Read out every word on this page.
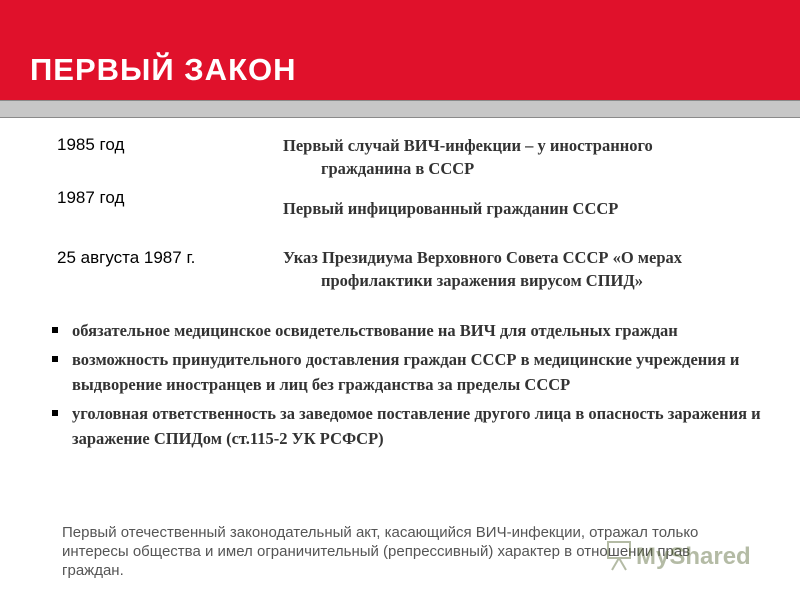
ПЕРВЫЙ ЗАКОН
1985 год	Первый случай ВИЧ-инфекции – у иностранного
гражданина в СССР
1987 год
Первый инфицированный гражданин СССР
25 августа 1987 г.	Указ Президиума Верховного Совета СССР «О мерах
профилактики заражения вирусом СПИД»
обязательное медицинское освидетельствование на ВИЧ для отдельных граждан
возможность принудительного доставления граждан СССР в медицинские учреждения и выдворение иностранцев и лиц без гражданства за пределы СССР
уголовная ответственность за заведомое поставление другого лица в опасность заражения и заражение СПИДом (ст.115-2 УК РСФСР)
Первый отечественный законодательный акт, касающийся ВИЧ-инфекции, отражал только интересы общества и имел ограничительный (репрессивный) характер в отношении прав граждан.
MyShared
